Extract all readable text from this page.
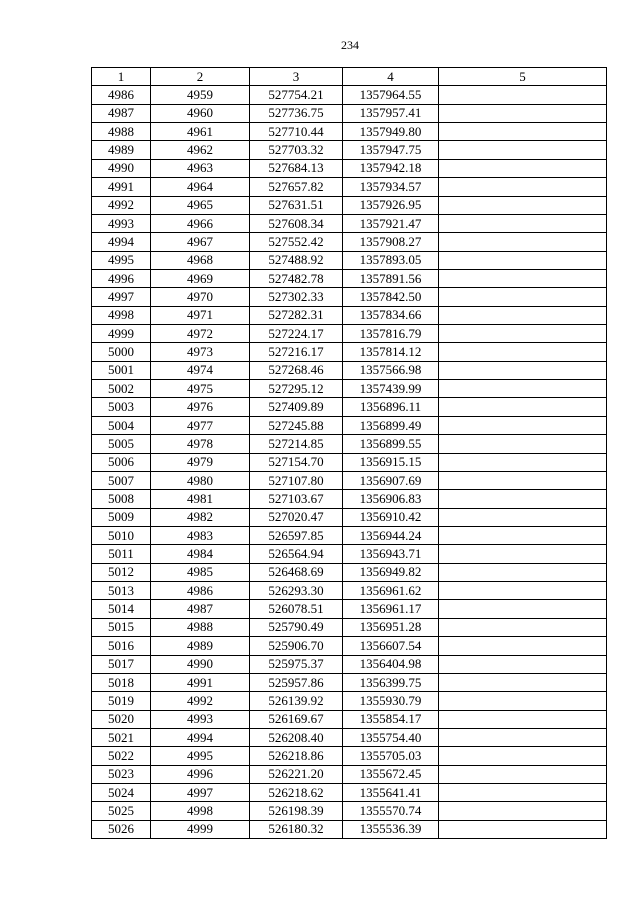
234
1	2	3	4	5
4986	4959	527754.21	1357964.55	
4987	4960	527736.75	1357957.41	
4988	4961	527710.44	1357949.80	
4989	4962	527703.32	1357947.75	
4990	4963	527684.13	1357942.18	
4991	4964	527657.82	1357934.57	
4992	4965	527631.51	1357926.95	
4993	4966	527608.34	1357921.47	
4994	4967	527552.42	1357908.27	
4995	4968	527488.92	1357893.05	
4996	4969	527482.78	1357891.56	
4997	4970	527302.33	1357842.50	
4998	4971	527282.31	1357834.66	
4999	4972	527224.17	1357816.79	
5000	4973	527216.17	1357814.12	
5001	4974	527268.46	1357566.98	
5002	4975	527295.12	1357439.99	
5003	4976	527409.89	1356896.11	
5004	4977	527245.88	1356899.49	
5005	4978	527214.85	1356899.55	
5006	4979	527154.70	1356915.15	
5007	4980	527107.80	1356907.69	
5008	4981	527103.67	1356906.83	
5009	4982	527020.47	1356910.42	
5010	4983	526597.85	1356944.24	
5011	4984	526564.94	1356943.71	
5012	4985	526468.69	1356949.82	
5013	4986	526293.30	1356961.62	
5014	4987	526078.51	1356961.17	
5015	4988	525790.49	1356951.28	
5016	4989	525906.70	1356607.54	
5017	4990	525975.37	1356404.98	
5018	4991	525957.86	1356399.75	
5019	4992	526139.92	1355930.79	
5020	4993	526169.67	1355854.17	
5021	4994	526208.40	1355754.40	
5022	4995	526218.86	1355705.03	
5023	4996	526221.20	1355672.45	
5024	4997	526218.62	1355641.41	
5025	4998	526198.39	1355570.74	
5026	4999	526180.32	1355536.39	
